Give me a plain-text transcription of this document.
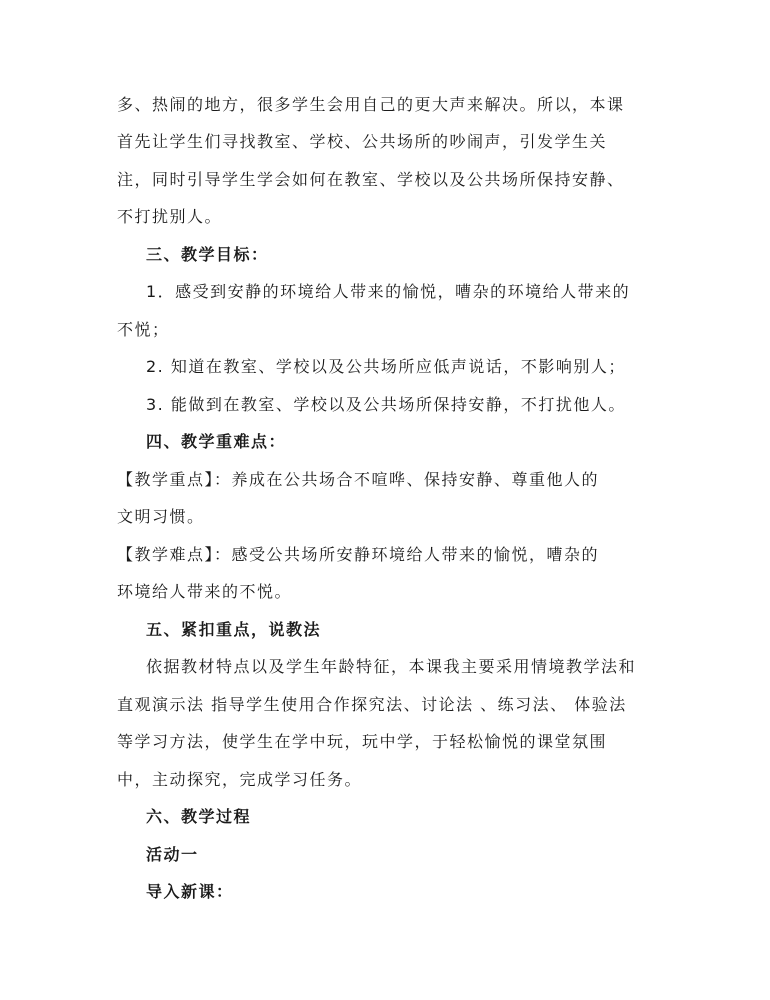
多、热闹的地方，很多学生会用自己的更大声来解决。所以，本课

首先让学生们寻找教室、学校、公共场所的吵闹声，引发学生关

注，同时引导学生学会如何在教室、学校以及公共场所保持安静、

不打扰别人。

三、教学目标：

1．感受到安静的环境给人带来的愉悦，嘈杂的环境给人带来的

不悦；

2. 知道在教室、学校以及公共场所应低声说话，不影响别人；

3. 能做到在教室、学校以及公共场所保持安静，不打扰他人。

四、教学重难点：

【教学重点】：养成在公共场合不喧哗、保持安静、尊重他人的

文明习惯。

【教学难点】：感受公共场所安静环境给人带来的愉悦，嘈杂的

环境给人带来的不悦。

五、紧扣重点，说教法

依据教材特点以及学生年龄特征，本课我主要采用情境教学法和

直观演示法 指导学生使用合作探究法、讨论法 、练习法、 体验法

等学习方法，使学生在学中玩，玩中学，于轻松愉悦的课堂氛围

中，主动探究，完成学习任务。

六、教学过程

活动一

导入新课：
